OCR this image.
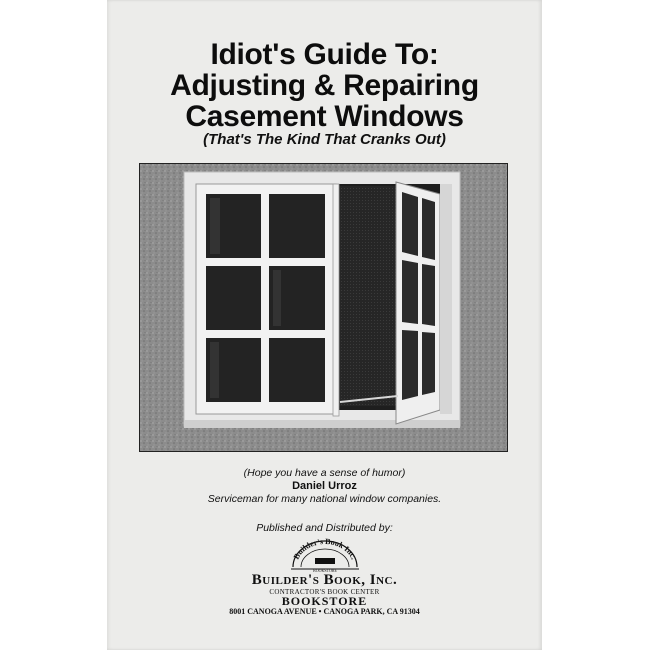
Idiot's Guide To:
Adjusting & Repairing
Casement Windows
(That's The Kind That Cranks Out)
(Hope you have a sense of humor)
Daniel Urroz
Serviceman for many national window companies.
Published and Distributed by:
Builder's Book Inc.
BOOKSTORE
Builder's Book, Inc.
CONTRACTOR'S BOOK CENTER
BOOKSTORE
8001 CANOGA AVENUE • CANOGA PARK, CA 91304
